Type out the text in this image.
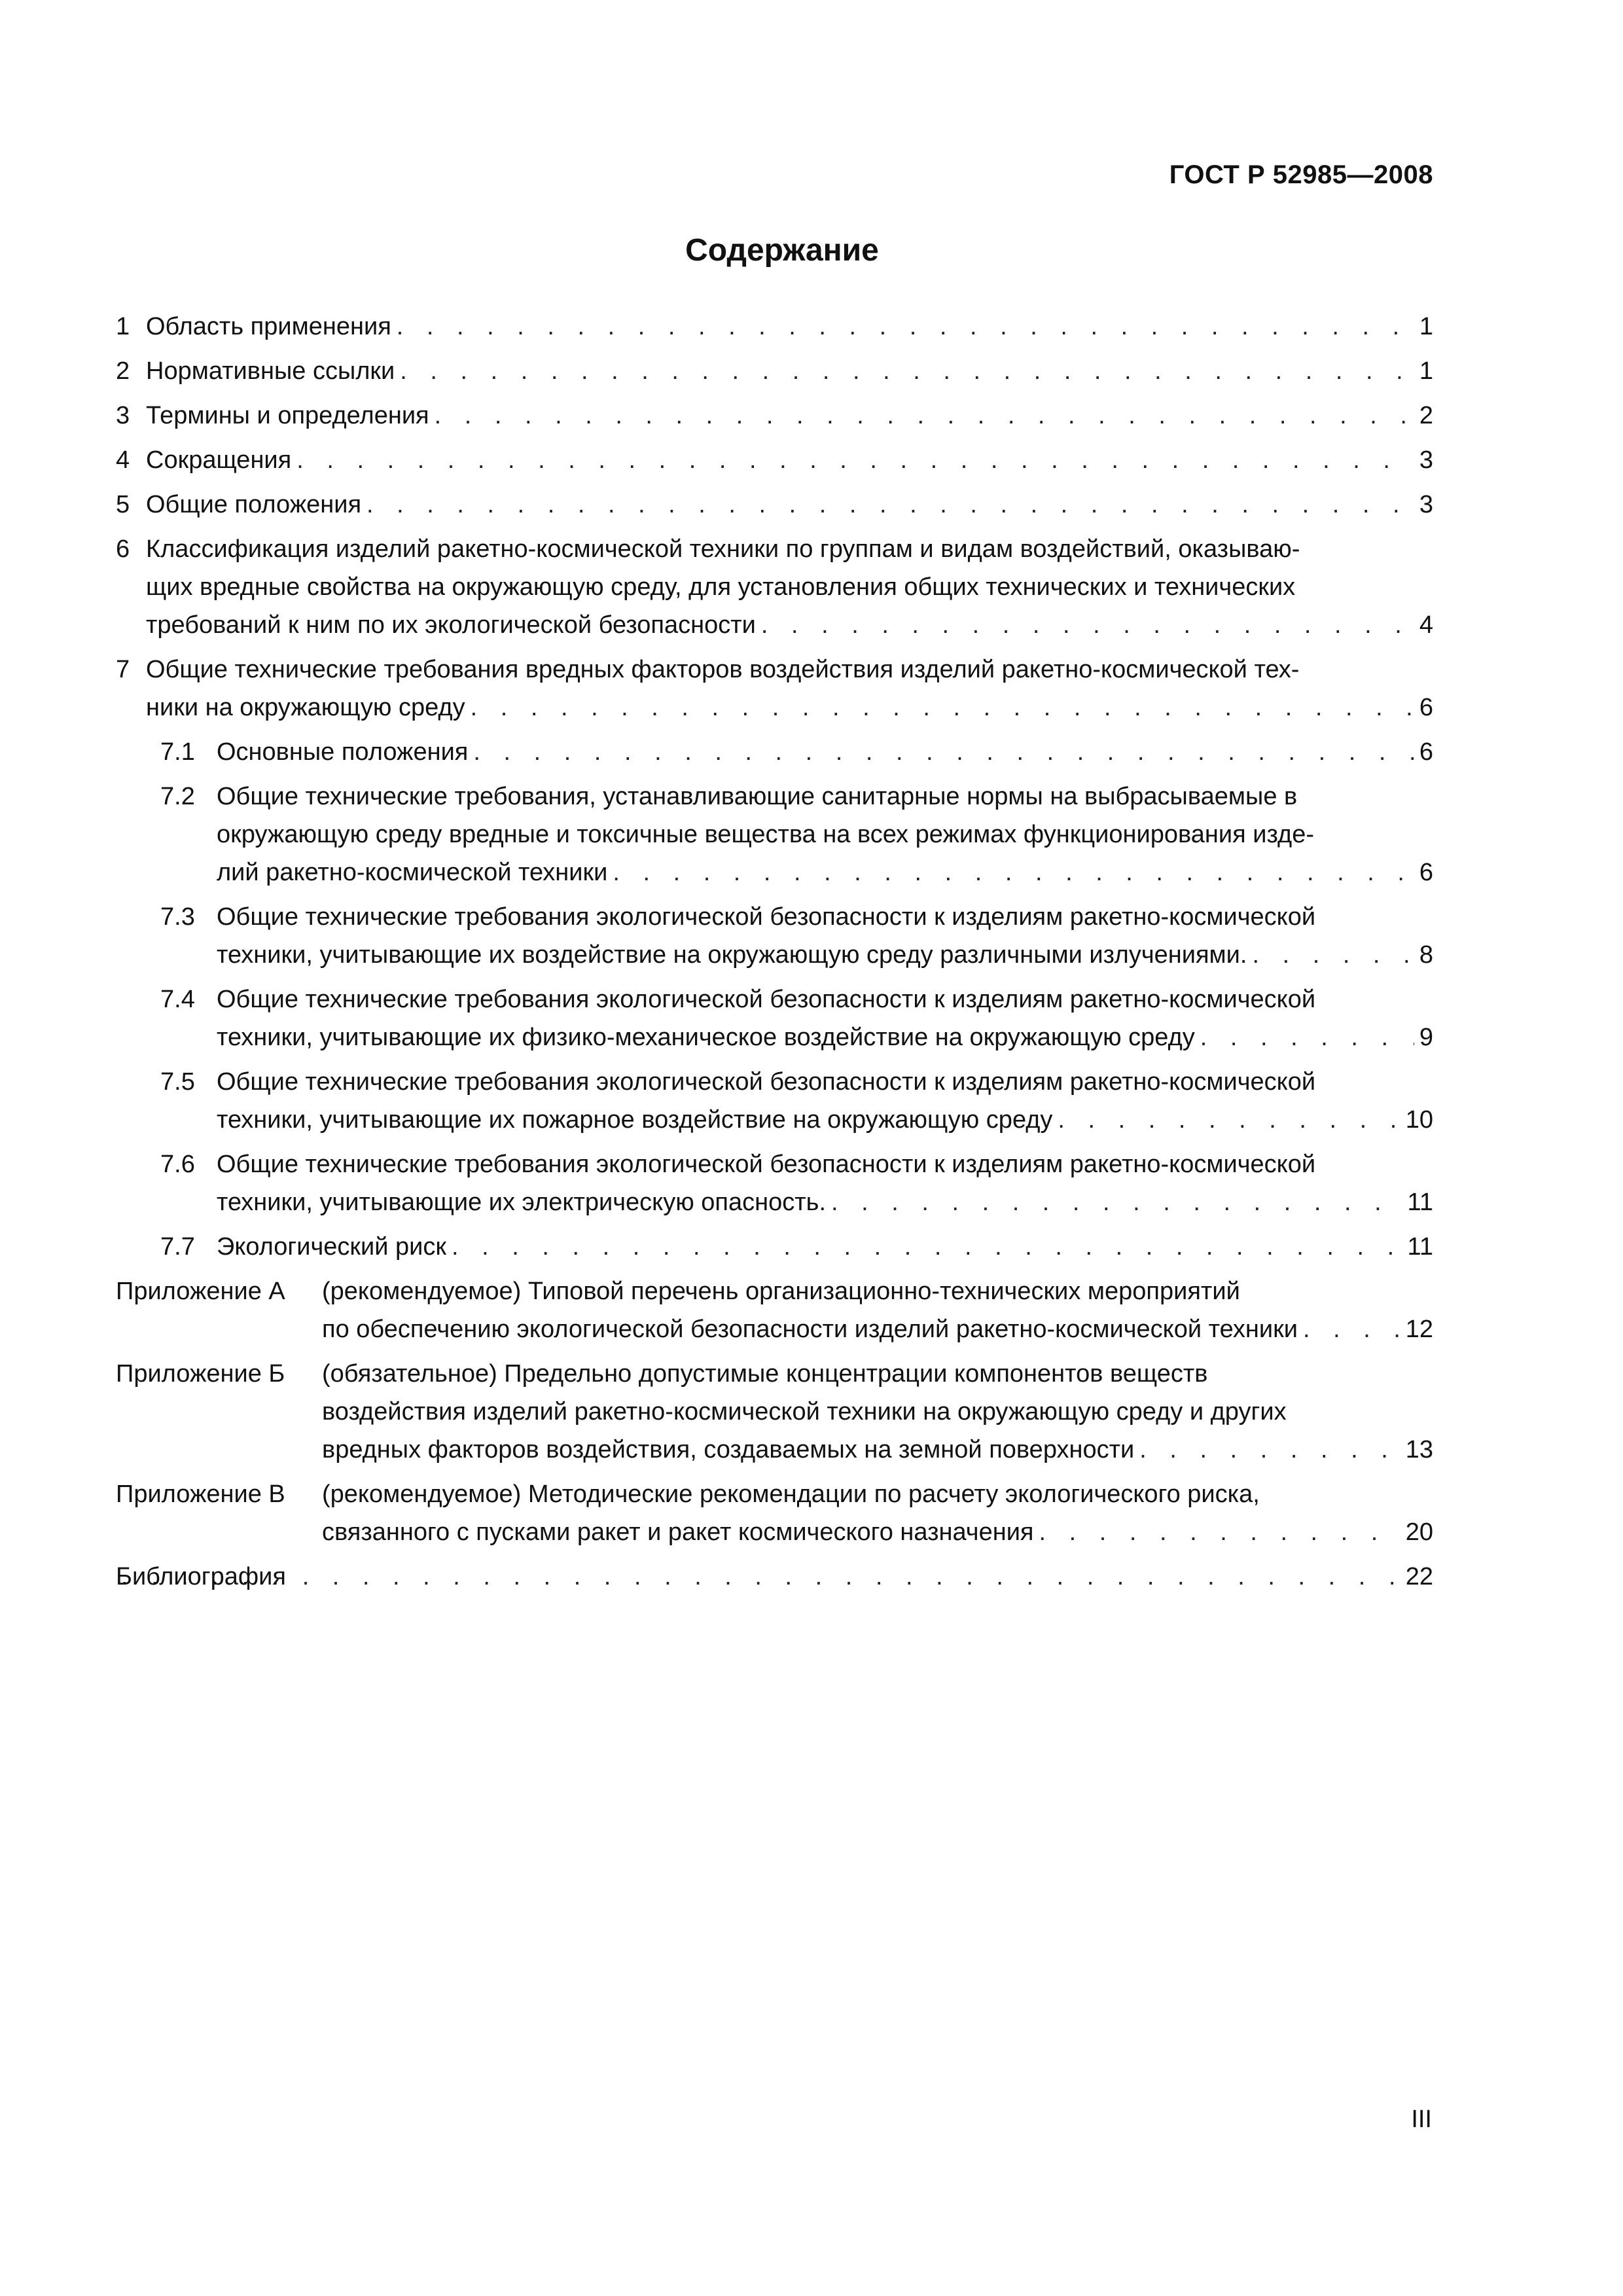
ГОСТ Р 52985—2008
Содержание
1 Область применения . . .	1
2 Нормативные ссылки . . .	1
3 Термины и определения . . .	2
4 Сокращения . . .	3
5 Общие положения . . .	3
6 Классификация изделий ракетно-космической техники по группам и видам воздействий, оказываю-
щих вредные свойства на окружающую среду, для установления общих технических и технических
требований к ним по их экологической безопасности . . .	4
7 Общие технические требования вредных факторов воздействия изделий ракетно-космической тех-
ники на окружающую среду . . .	6
7.1 Основные положения . . .	6
7.2 Общие технические требования, устанавливающие санитарные нормы на выбрасываемые в
окружающую среду вредные и токсичные вещества на всех режимах функционирования изде-
лий ракетно-космической техники . . .	6
7.3 Общие технические требования экологической безопасности к изделиям ракетно-космической
техники, учитывающие их воздействие на окружающую среду различными излучениями. . . .	8
7.4 Общие технические требования экологической безопасности к изделиям ракетно-космической
техники, учитывающие их физико-механическое воздействие на окружающую среду . . .	9
7.5 Общие технические требования экологической безопасности к изделиям ракетно-космической
техники, учитывающие их пожарное воздействие на окружающую среду . . .	10
7.6 Общие технические требования экологической безопасности к изделиям ракетно-космической
техники, учитывающие их электрическую опасность. . . .	11
7.7 Экологический риск . . .	11
Приложение А (рекомендуемое) Типовой перечень организационно-технических мероприятий
по обеспечению экологической безопасности изделий ракетно-космической техники . . .	12
Приложение Б (обязательное) Предельно допустимые концентрации компонентов веществ
воздействия изделий ракетно-космической техники на окружающую среду и других
вредных факторов воздействия, создаваемых на земной поверхности . . .	13
Приложение В (рекомендуемое) Методические рекомендации по расчету экологического риска,
связанного с пусками ракет и ракет космического назначения . . .	20
Библиография . . .	22
III
